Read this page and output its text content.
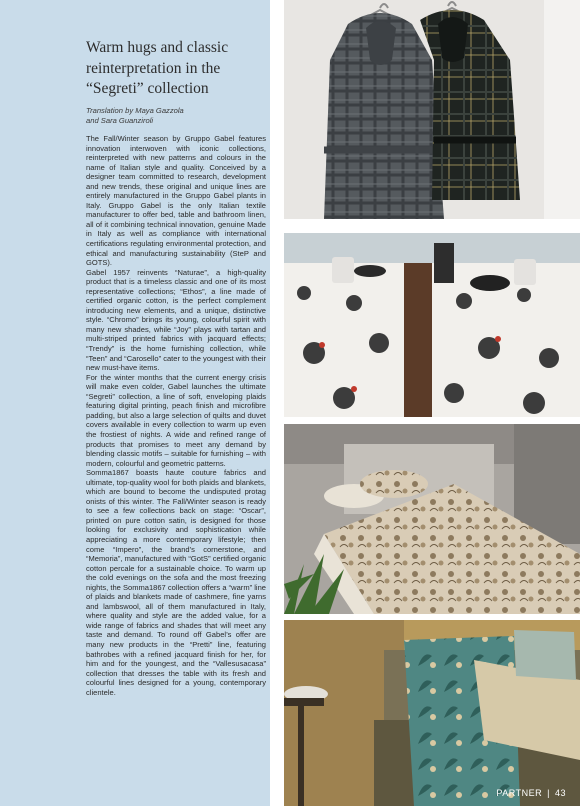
Warm hugs and classic reinterpretation in the “Segreti” collection
Translation by Maya Gazzola
and Sara Guanziroli

The Fall/Winter season by Gruppo Gabel features innovation interwoven with iconic collections, reinterpreted with new patterns and colours in the name of Italian style and quality. Conceived by a designer team committed to research, development and new trends, these original and unique lines are entirely manufactured in the Gruppo Gabel plants in Italy. Gruppo Gabel is the only Italian textile manufacturer to offer bed, table and bathroom linen, all of it combining technical innovation, genuine Made in Italy as well as compliance with international certifications regulating environmental protection, and ethical and manufacturing sustainability (SteP and GOTS).

Gabel 1957 reinvents “Naturae”, a high-quality product that is a timeless classic and one of its most representative collections; “Ethos”, a line made of certified organic cotton, is the perfect complement introducing new elements, and a unique, distinctive style. “Chromo” brings its young, colourful spirit with many new shades, while “Joy” plays with tartan and multi-striped printed fabrics with jacquard effects; “Trendy” is the home furnishing collection, while “Teen” and “Carosello” cater to the youngest with their new must-have items.

For the winter months that the current energy crisis will make even colder, Gabel launches the ultimate “Segreti” collection, a line of soft, enveloping plaids featuring digital printing, peach finish and microfibre padding, but also a large selection of quilts and duvet covers available in every collection to warm up even the frostiest of nights. A wide and refined range of products that promises to meet any demand by blending classic motifs – suitable for furnishing – with modern, colourful and geometric patterns.

Somma1867 boasts haute couture fabrics and ultimate, top-quality wool for both plaids and blankets, which are bound to become the undisputed protag onists of this winter. The Fall/Winter season is ready to see a few collections back on stage: “Oscar”, printed on pure cotton satin, is designed for those looking for exclusivity and sophistication while appreciating a more contemporary lifestyle; then come “Impero”, the brand’s cornerstone, and “Memoria”, manufactured with “GotS” certified organic cotton percale for a sustainable choice. To warm up the cold evenings on the sofa and the most freezing nights, the Somma1867 collection offers a “warm” line of plaids and blankets made of cashmere, fine yarns and lambswool, all of them manufactured in Italy, where quality and style are the added value, for a wide range of fabrics and shades that will meet any taste and demand. To round off Gabel’s offer are many new products in the “Pretti” line, featuring bathrobes with a refined jacquard finish for her, for him and for the youngest, and the “Vallesusacasa” collection that dresses the table with its fresh and colourful lines designed for a young, contemporary clientele.

PARTNER | 43
